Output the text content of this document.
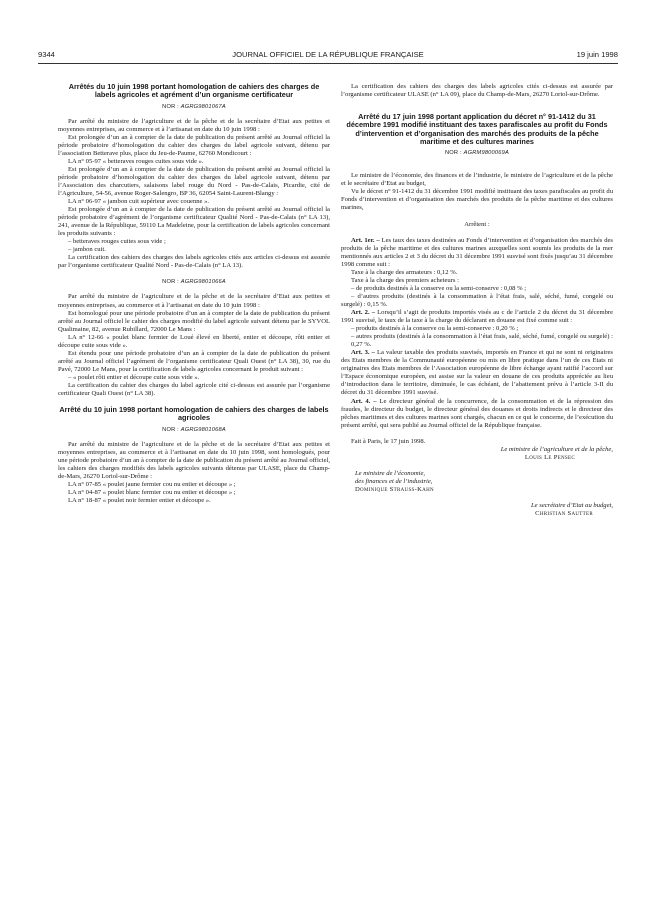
9344	JOURNAL OFFICIEL DE LA RÉPUBLIQUE FRANÇAISE	19 juin 1998
Arrêtés du 10 juin 1998 portant homologation de cahiers des charges de labels agricoles et agrément d’un organisme certificateur
NOR : AGRG9801067A

Par arrêté du ministre de l’agriculture et de la pêche et de la secrétaire d’Etat aux petites et moyennes entreprises, au commerce et à l’artisanat en date du 10 juin 1998 :

Est prolongée d’un an à compter de la date de publication du présent arrêté au Journal officiel la période probatoire d’homologation du cahier des charges du label agricole suivant, détenu par l’association Betterave plus, place du Jeu-de-Paume, 62760 Mondicourt :

LA n° 05-97 « betteraves rouges cuites sous vide ».

Est prolongée d’un an à compter de la date de publication du présent arrêté au Journal officiel la période probatoire d’homologation du cahier des charges du label agricole suivant, détenu par l’Association des charcutiers, salaisons label rouge du Nord - Pas-de-Calais, Picardie, cité de l’Agriculture, 54-56, avenue Roger-Salengro, BP 36, 62054 Saint-Laurent-Blangy :

LA n° 06-97 « jambon cuit supérieur avec couenne ».

Est prolongée d’un an à compter de la date de publication du présent arrêté au Journal officiel la période probatoire d’agrément de l’organisme certificateur Qualité Nord - Pas-de-Calais (n° LA 13), 241, avenue de la République, 59110 La Madeleine, pour la certification de labels agricoles concernant les produits suivants :

– betteraves rouges cuites sous vide ;

– jambon cuit.

La certification des cahiers des charges des labels agricoles cités aux articles ci-dessus est assurée par l’organisme certificateur Qualité Nord - Pas-de-Calais (n° LA 13).

NOR : AGRG9801066A

Par arrêté du ministre de l’agriculture et de la pêche et de la secrétaire d’Etat aux petites et moyennes entreprises, au commerce et à l’artisanat en date du 10 juin 1998 :

Est homologué pour une période probatoire d’un an à compter de la date de publication du présent arrêté au Journal officiel le cahier des charges modifié du label agricole suivant détenu par le SYVOL Qualimaine, 82, avenue Rubillard, 72000 Le Mans :

LA n° 12-66 « poulet blanc fermier de Loué élevé en liberté, entier et découpe, rôti entier et découpe cuite sous vide ».

Est étendu pour une période probatoire d’un an à compter de la date de publication du présent arrêté au Journal officiel l’agrément de l’organisme certificateur Quali Ouest (n° LA 38), 30, rue du Pavé, 72000 Le Mans, pour la certification de labels agricoles concernant le produit suivant :

– « poulet rôti entier et découpe cuite sous vide ».

La certification du cahier des charges du label agricole cité ci-dessus est assurée par l’organisme certificateur Quali Ouest (n° LA 38).

Arrêté du 10 juin 1998 portant homologation de cahiers des charges de labels agricoles
NOR : AGRG9801068A

Par arrêté du ministre de l’agriculture et de la pêche et de la secrétaire d’Etat aux petites et moyennes entreprises, au commerce et à l’artisanat en date du 10 juin 1998, sont homologués, pour une période probatoire d’un an à compter de la date de publication du présent arrêté au Journal officiel, les cahiers des charges modifiés des labels agricoles suivants détenus par ULASE, place du Champ-de-Mars, 26270 Loriol-sur-Drôme :

LA n° 07-85 « poulet jaune fermier cou nu entier et découpe » ;

LA n° 04-87 « poulet blanc fermier cou nu entier et découpe » ;

LA n° 18-87 « poulet noir fermier entier et découpe ».

La certification des cahiers des charges des labels agricoles cités ci-dessus est assurée par l’organisme certificateur ULASE (n° LA 09), place du Champ-de-Mars, 26270 Loriol-sur-Drôme.

Arrêté du 17 juin 1998 portant application du décret n° 91-1412 du 31 décembre 1991 modifié instituant des taxes parafiscales au profit du Fonds d’intervention et d’organisation des marchés des produits de la pêche maritime et des cultures marines
NOR : AGRM9800069A

Le ministre de l’économie, des finances et de l’industrie, le ministre de l’agriculture et de la pêche et le secrétaire d’Etat au budget,

Vu le décret n° 91-1412 du 31 décembre 1991 modifié instituant des taxes parafiscales au profit du Fonds d’intervention et d’organisation des marchés des produits de la pêche maritime et des cultures marines,

Arrêtent :

Art. 1er. – Les taux des taxes destinées au Fonds d’intervention et d’organisation des marchés des produits de la pêche maritime et des cultures marines auxquelles sont soumis les produits de la mer mentionnés aux articles 2 et 3 du décret du 31 décembre 1991 susvisé sont fixés jusqu’au 31 décembre 1998 comme suit :

Taxe à la charge des armateurs : 0,12 %.

Taxe à la charge des premiers acheteurs :

– de produits destinés à la conserve ou la semi-conserve : 0,08 % ;

– d’autres produits (destinés à la consommation à l’état frais, salé, séché, fumé, congelé ou surgelé) : 0,15 %.

Art. 2. – Lorsqu’il s’agit de produits importés visés au c de l’article 2 du décret du 31 décembre 1991 susvisé, le taux de la taxe à la charge du déclarant en douane est fixé comme suit :

– produits destinés à la conserve ou la semi-conserve : 0,20 % ;

– autres produits (destinés à la consommation à l’état frais, salé, séché, fumé, congelé ou surgelé) : 0,27 %.

Art. 3. – La valeur taxable des produits susvisés, importés en France et qui ne sont ni originaires des Etats membres de la Communauté européenne ou mis en libre pratique dans l’un de ces Etats ni originaires des Etats membres de l’Association européenne de libre échange ayant ratifié l’accord sur l’Espace économique européen, est assise sur la valeur en douane de ces produits appréciée au lieu d’introduction dans le territoire, diminuée, le cas échéant, de l’abattement prévu à l’article 3-II du décret du 31 décembre 1991 susvisé.

Art. 4. – Le directeur général de la concurrence, de la consommation et de la répression des fraudes, le directeur du budget, le directeur général des douanes et droits indirects et le directeur des pêches maritimes et des cultures marines sont chargés, chacun en ce qui le concerne, de l’exécution du présent arrêté, qui sera publié au Journal officiel de la République française.

Fait à Paris, le 17 juin 1998.

Le ministre de l’agriculture et de la pêche,

Louis Le Pensec

Le ministre de l’économie,

des finances et de l’industrie,

Dominique Strauss-Kahn

Le secrétaire d’Etat au budget,

Christian Sautter
